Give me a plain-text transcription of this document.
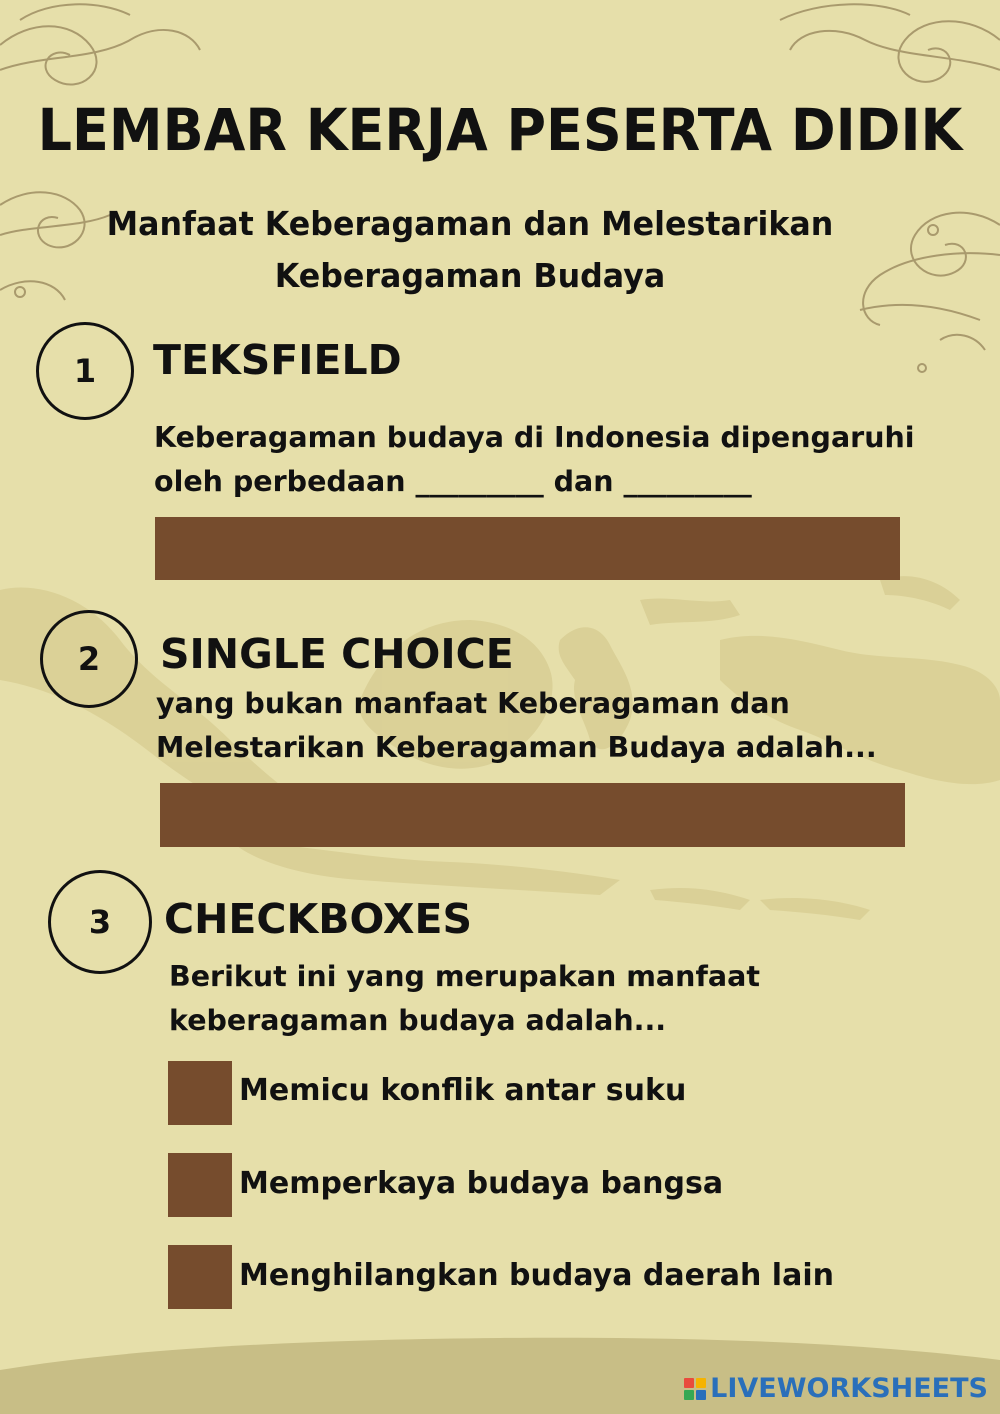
LEMBAR KERJA PESERTA DIDIK
Manfaat Keberagaman dan Melestarikan Keberagaman Budaya
1	TEKSFIELD
Keberagaman budaya di Indonesia dipengaruhi
oleh perbedaan _________ dan _________
2	SINGLE CHOICE
yang bukan manfaat Keberagaman dan
Melestarikan Keberagaman Budaya adalah...
3	CHECKBOXES
Berikut ini yang merupakan manfaat
keberagaman budaya adalah...
Memicu konflik antar suku
Memperkaya budaya bangsa
Menghilangkan budaya daerah lain
LIVEWORKSHEETS
